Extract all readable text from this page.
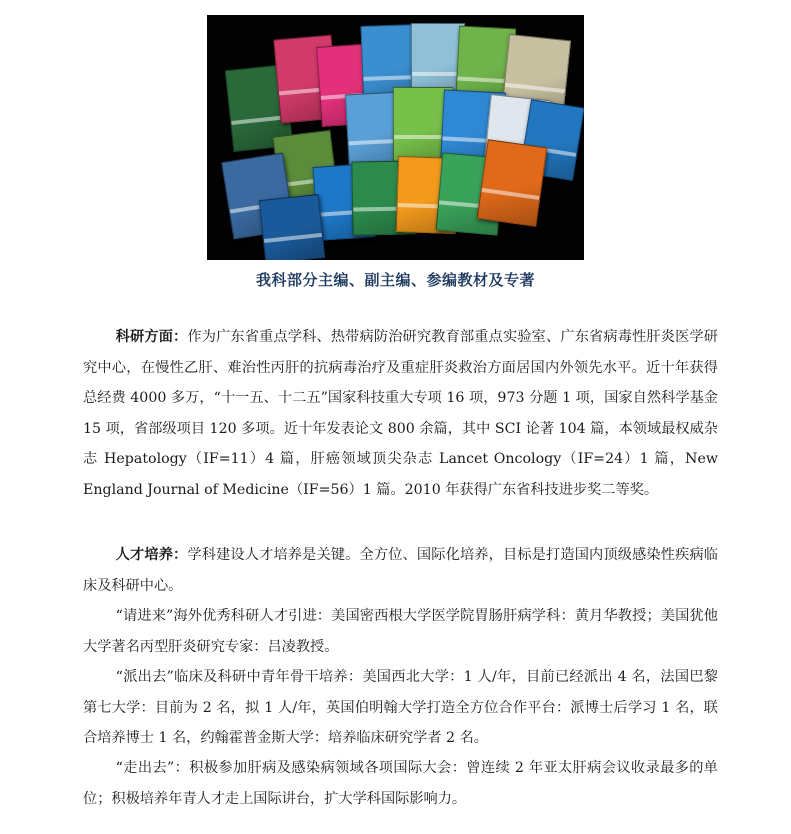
我科部分主编、副主编、参编教材及专著

科研方面：作为广东省重点学科、热带病防治研究教育部重点实验室、广东省病毒性肝炎医学研究中心，在慢性乙肝、难治性丙肝的抗病毒治疗及重症肝炎救治方面居国内外领先水平。近十年获得总经费 4000 多万，“十一五、十二五”国家科技重大专项 16 项，973 分题 1 项，国家自然科学基金 15 项，省部级项目 120 多项。近十年发表论文 800 余篇，其中 SCI 论著 104 篇，本领域最权威杂志 Hepatology（IF=11）4 篇，肝癌领域顶尖杂志 Lancet Oncology（IF=24）1 篇，New England Journal of Medicine（IF=56）1 篇。2010 年获得广东省科技进步奖二等奖。

人才培养：学科建设人才培养是关键。全方位、国际化培养，目标是打造国内顶级感染性疾病临床及科研中心。

“请进来”海外优秀科研人才引进：美国密西根大学医学院胃肠肝病学科：黄月华教授；美国犹他大学著名丙型肝炎研究专家：吕凌教授。

“派出去”临床及科研中青年骨干培养：美国西北大学：1 人/年，目前已经派出 4 名，法国巴黎第七大学：目前为 2 名，拟 1 人/年，英国伯明翰大学打造全方位合作平台：派博士后学习 1 名，联合培养博士 1 名，约翰霍普金斯大学：培养临床研究学者 2 名。

“走出去”：积极参加肝病及感染病领域各项国际大会：曾连续 2 年亚太肝病会议收录最多的单位；积极培养年青人才走上国际讲台，扩大学科国际影响力。
